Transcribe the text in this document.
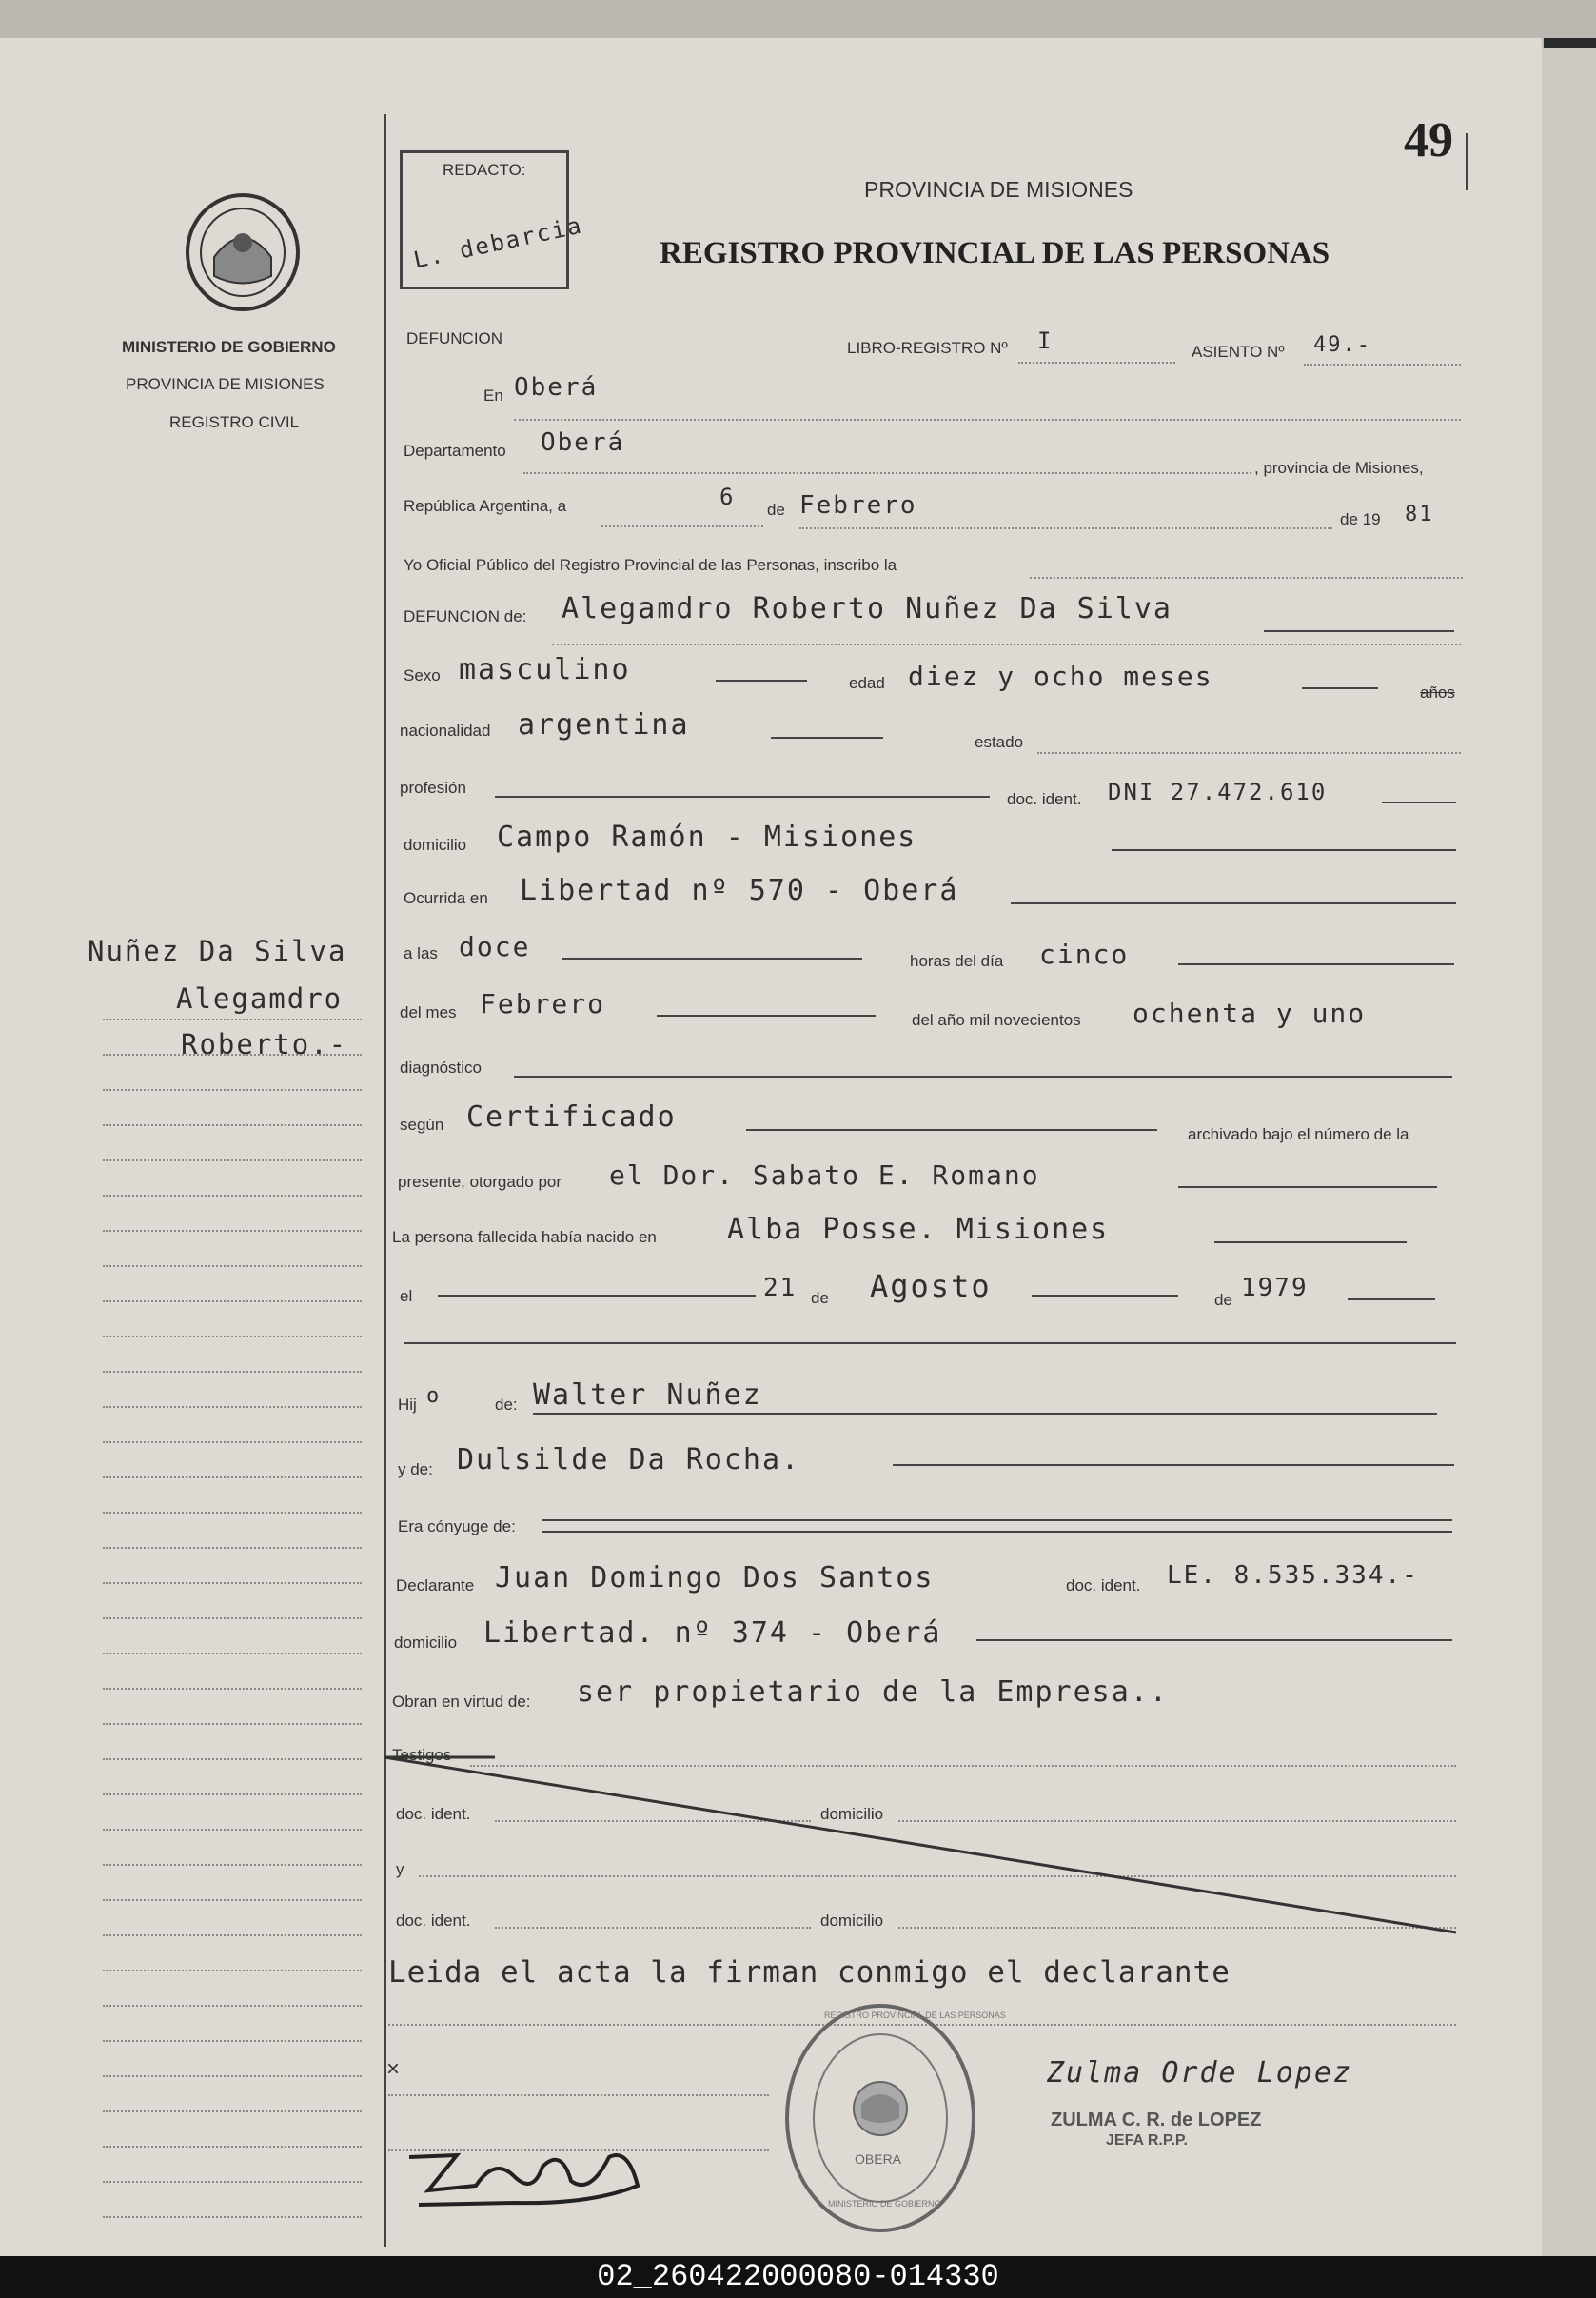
49
MINISTERIO DE GOBIERNO
PROVINCIA DE MISIONES
REGISTRO CIVIL
REDACTO:
L. debarcia
PROVINCIA DE MISIONES
REGISTRO PROVINCIAL DE LAS PERSONAS
Nuñez Da Silva
Alegamdro
Roberto.-
DEFUNCION
LIBRO-REGISTRO Nº I	ASIENTO Nº 49.-
En Oberá
Departamento Oberá
, provincia de Misiones,
República Argentina, a	6 de Febrero	de 19 81
Yo Oficial Público del Registro Provincial de las Personas, inscribo la
DEFUNCION de: Alegamdro Roberto Nuñez Da Silva
Sexo masculino	edad diez y ocho meses
años
nacionalidad argentina
estado
profesión
doc. ident. DNI 27.472.610
domicilio Campo Ramón - Misiones
Ocurrida en Libertad nº 570 - Oberá
a las doce	horas del día cinco
del mes Febrero
del año mil novecientos ochenta y uno
diagnóstico
según Certificado
archivado bajo el número de la
presente, otorgado por el Dor. Sabato E. Romano
La persona fallecida había nacido en Alba Posse. Misiones
el	21 de Agosto	de 1979
Hij o	de: Walter Nuñez
y de: Dulsilde Da Rocha.
Era cónyuge de:
Declarante Juan Domingo Dos Santos	doc. ident. LE. 8.535.334.-
domicilio Libertad. nº 374 - Oberá
Obran en virtud de: ser propietario de la Empresa..
Testigos
doc. ident.	domicilio
y
doc. ident.	domicilio
Leida el acta la firman conmigo el declarante
×
OBERA
REGISTRO PROVINCIAL DE LAS PERSONAS
MINISTERIO DE GOBIERNO
Zulma Orde Lopez
ZULMA C. R. de LOPEZ
JEFA R.P.P.
02_260422000080-014330
